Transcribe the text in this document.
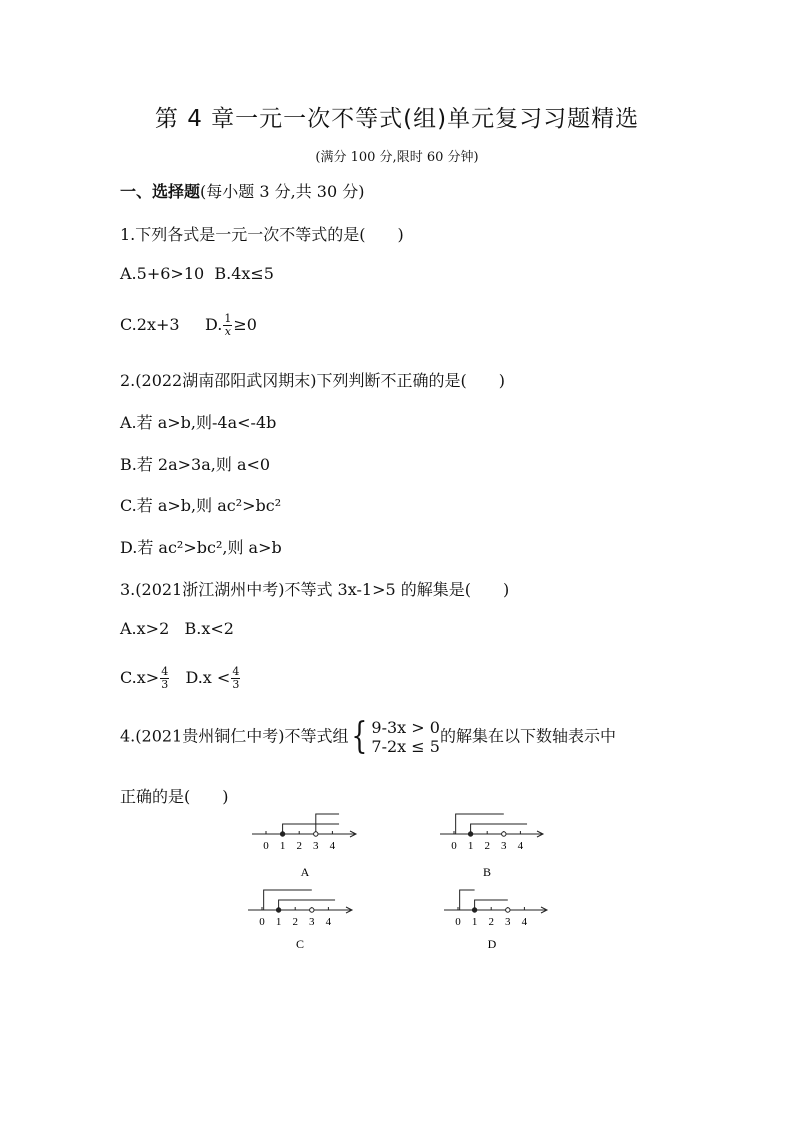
第 4 章一元一次不等式(组)单元复习习题精选
(满分 100 分,限时 60 分钟)
一、选择题(每小题 3 分,共 30 分)
1.下列各式是一元一次不等式的是(　　)
A.5+6>10 B.4x≤5
C.2x+3 D. $\frac{1}{x} \ge 0$
2.(2022湖南邵阳武冈期末)下列判断不正确的是(　　)
A.若 a>b,则-4a<-4b
B.若 2a>3a,则 a<0
C.若 a>b,则 ac²>bc²
D.若 ac²>bc²,则 a>b
3.(2021浙江湖州中考)不等式 3x-1>5 的解集是(　　)
A.x>2 B.x<2
$C.x> \frac{4}{3} D.x < \frac{4}{3}$
4.(2021贵州铜仁中考)不等式组{ 9-3x > 0
7-2x ≤ 5
的解集在以下数轴表示中
正确的是(　　)
0 1 2 3 4
A
0 1 2 3 4
B
0 1 2 3 4
C
0 1 2 3 4
D
